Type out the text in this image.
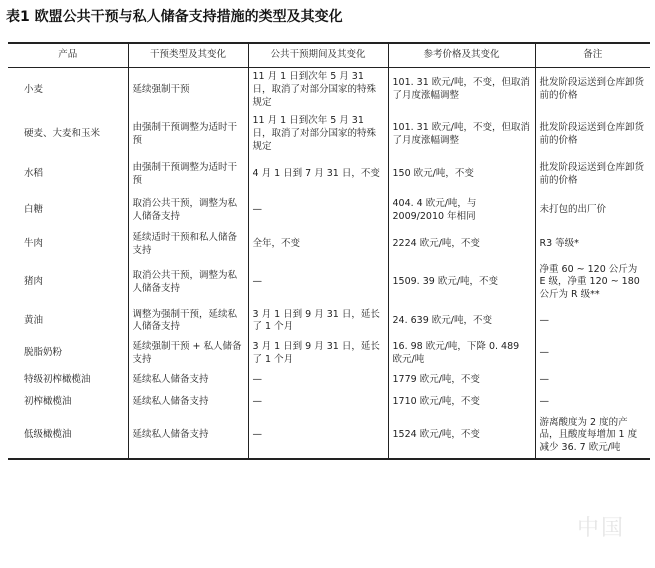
表1 欧盟公共干预与私人储备支持措施的类型及其变化
产品	干预类型及其变化	公共干预期间及其变化	参考价格及其变化	备注
小麦	延续强制干预	11 月 1 日到次年 5 月 31 日，取消了对部分国家的特殊规定	101. 31 欧元/吨，不变，但取消了月度涨幅调整	批发阶段运送到仓库卸货前的价格
硬麦、大麦和玉米	由强制干预调整为适时干预	11 月 1 日到次年 5 月 31 日，取消了对部分国家的特殊规定	101. 31 欧元/吨，不变，但取消了月度涨幅调整	批发阶段运送到仓库卸货前的价格
水稻	由强制干预调整为适时干预	4 月 1 日到 7 月 31 日，不变	150 欧元/吨，不变	批发阶段运送到仓库卸货前的价格
白糖	取消公共干预，调整为私人储备支持	—	404. 4 欧元/吨，与 2009/2010 年相同	未打包的出厂价
牛肉	延续适时干预和私人储备支持	全年，不变	2224 欧元/吨，不变	R3 等级*
猪肉	取消公共干预，调整为私人储备支持	—	1509. 39 欧元/吨，不变	净重 60 ~ 120 公斤为 E 级，净重 120 ~ 180 公斤为 R 级**
黄油	调整为强制干预，延续私人储备支持	3 月 1 日到 9 月 31 日，延长了 1 个月	24. 639 欧元/吨，不变	—
脱脂奶粉	延续强制干预 + 私人储备支持	3 月 1 日到 9 月 31 日，延长了 1 个月	16. 98 欧元/吨，下降 0. 489 欧元/吨	—
特级初榨橄榄油	延续私人储备支持	—	1779 欧元/吨，不变	—
初榨橄榄油	延续私人储备支持	—	1710 欧元/吨，不变	—
低级橄榄油	延续私人储备支持	—	1524 欧元/吨，不变	游离酸度为 2 度的产品，且酸度每增加 1 度减少 36. 7 欧元/吨
中国
